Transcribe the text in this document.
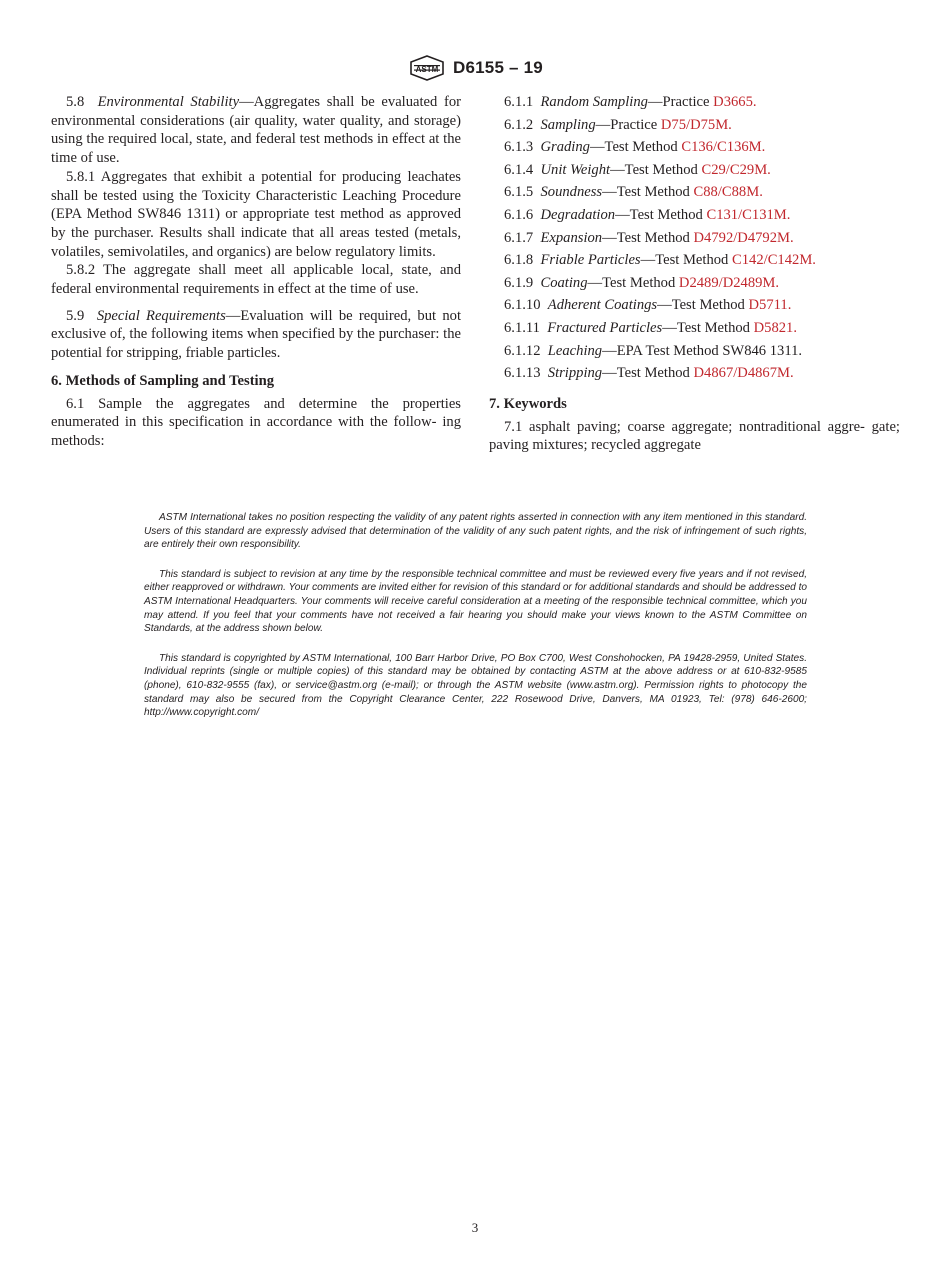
ASTM D6155 – 19

5.8 Environmental Stability—Aggregates shall be evaluated for environmental considerations (air quality, water quality, and storage) using the required local, state, and federal test methods in effect at the time of use.

5.8.1 Aggregates that exhibit a potential for producing leachates shall be tested using the Toxicity Characteristic Leaching Procedure (EPA Method SW846 1311) or appropriate test method as approved by the purchaser. Results shall indicate that all areas tested (metals, volatiles, semivolatiles, and organics) are below regulatory limits.

5.8.2 The aggregate shall meet all applicable local, state, and federal environmental requirements in effect at the time of use.

5.9 Special Requirements—Evaluation will be required, but not exclusive of, the following items when specified by the purchaser: the potential for stripping, friable particles.

6. Methods of Sampling and Testing

6.1 Sample the aggregates and determine the properties enumerated in this specification in accordance with the follow- ing methods:

6.1.1 Random Sampling—Practice D3665.
6.1.2 Sampling—Practice D75/D75M.
6.1.3 Grading—Test Method C136/C136M.
6.1.4 Unit Weight—Test Method C29/C29M.
6.1.5 Soundness—Test Method C88/C88M.
6.1.6 Degradation—Test Method C131/C131M.
6.1.7 Expansion—Test Method D4792/D4792M.
6.1.8 Friable Particles—Test Method C142/C142M.
6.1.9 Coating—Test Method D2489/D2489M.
6.1.10 Adherent Coatings—Test Method D5711.
6.1.11 Fractured Particles—Test Method D5821.
6.1.12 Leaching—EPA Test Method SW846 1311.
6.1.13 Stripping—Test Method D4867/D4867M.
7. Keywords

7.1 asphalt paving; coarse aggregate; nontraditional aggre- gate; paving mixtures; recycled aggregate

ASTM International takes no position respecting the validity of any patent rights asserted in connection with any item mentioned in this standard. Users of this standard are expressly advised that determination of the validity of any such patent rights, and the risk of infringement of such rights, are entirely their own responsibility.

This standard is subject to revision at any time by the responsible technical committee and must be reviewed every five years and if not revised, either reapproved or withdrawn. Your comments are invited either for revision of this standard or for additional standards and should be addressed to ASTM International Headquarters. Your comments will receive careful consideration at a meeting of the responsible technical committee, which you may attend. If you feel that your comments have not received a fair hearing you should make your views known to the ASTM Committee on Standards, at the address shown below.

This standard is copyrighted by ASTM International, 100 Barr Harbor Drive, PO Box C700, West Conshohocken, PA 19428-2959, United States. Individual reprints (single or multiple copies) of this standard may be obtained by contacting ASTM at the above address or at 610-832-9585 (phone), 610-832-9555 (fax), or service@astm.org (e-mail); or through the ASTM website (www.astm.org). Permission rights to photocopy the standard may also be secured from the Copyright Clearance Center, 222 Rosewood Drive, Danvers, MA 01923, Tel: (978) 646-2600; http://www.copyright.com/

3
